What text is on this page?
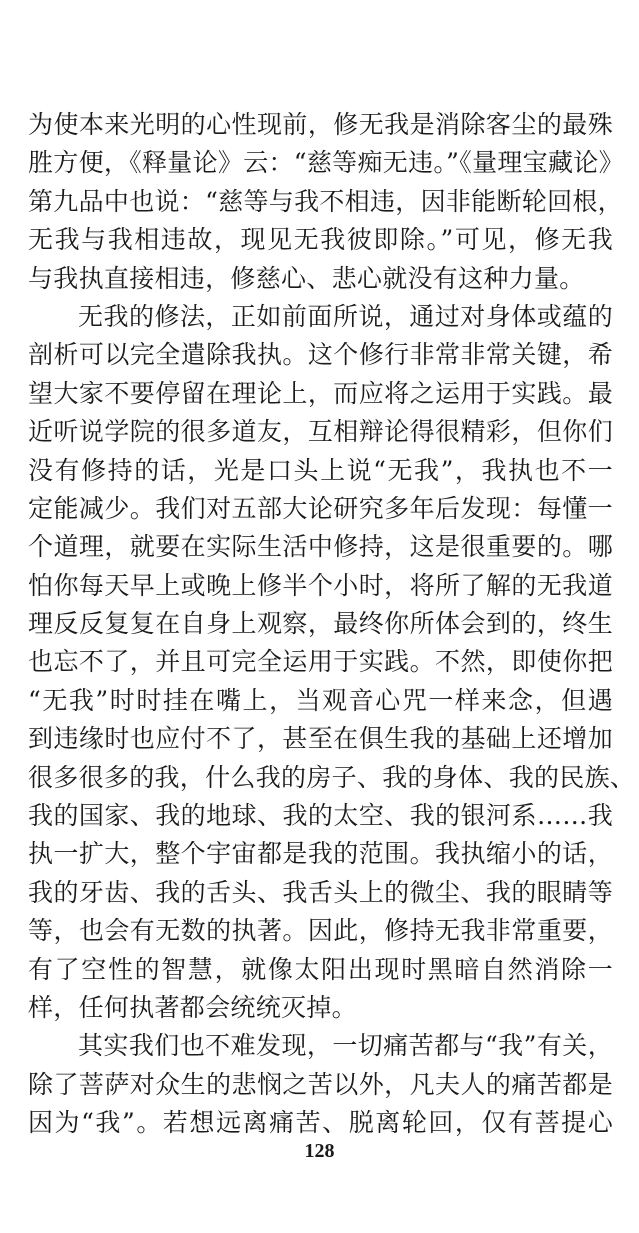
为使本来光明的心性现前，修无我是消除客尘的最殊
胜方便，《释量论》云：“慈等痴无违。”《量理宝藏论》
第九品中也说：“慈等与我不相违，因非能断轮回根，
无我与我相违故，现见无我彼即除。”可见，修无我
与我执直接相违，修慈心、悲心就没有这种力量。
无我的修法，正如前面所说，通过对身体或蕴的
剖析可以完全遣除我执。这个修行非常非常关键，希
望大家不要停留在理论上，而应将之运用于实践。最
近听说学院的很多道友，互相辩论得很精彩，但你们
没有修持的话，光是口头上说“无我”，我执也不一
定能减少。我们对五部大论研究多年后发现：每懂一
个道理，就要在实际生活中修持，这是很重要的。哪
怕你每天早上或晚上修半个小时，将所了解的无我道
理反反复复在自身上观察，最终你所体会到的，终生
也忘不了，并且可完全运用于实践。不然，即使你把
“无我”时时挂在嘴上，当观音心咒一样来念，但遇
到违缘时也应付不了，甚至在俱生我的基础上还增加
很多很多的我，什么我的房子、我的身体、我的民族、
我的国家、我的地球、我的太空、我的银河系……我
执一扩大，整个宇宙都是我的范围。我执缩小的话，
我的牙齿、我的舌头、我舌头上的微尘、我的眼睛等
等，也会有无数的执著。因此，修持无我非常重要，
有了空性的智慧，就像太阳出现时黑暗自然消除一
样，任何执著都会统统灭掉。
其实我们也不难发现，一切痛苦都与“我”有关，
除了菩萨对众生的悲悯之苦以外，凡夫人的痛苦都是
因为“我”。若想远离痛苦、脱离轮回，仅有菩提心
128
